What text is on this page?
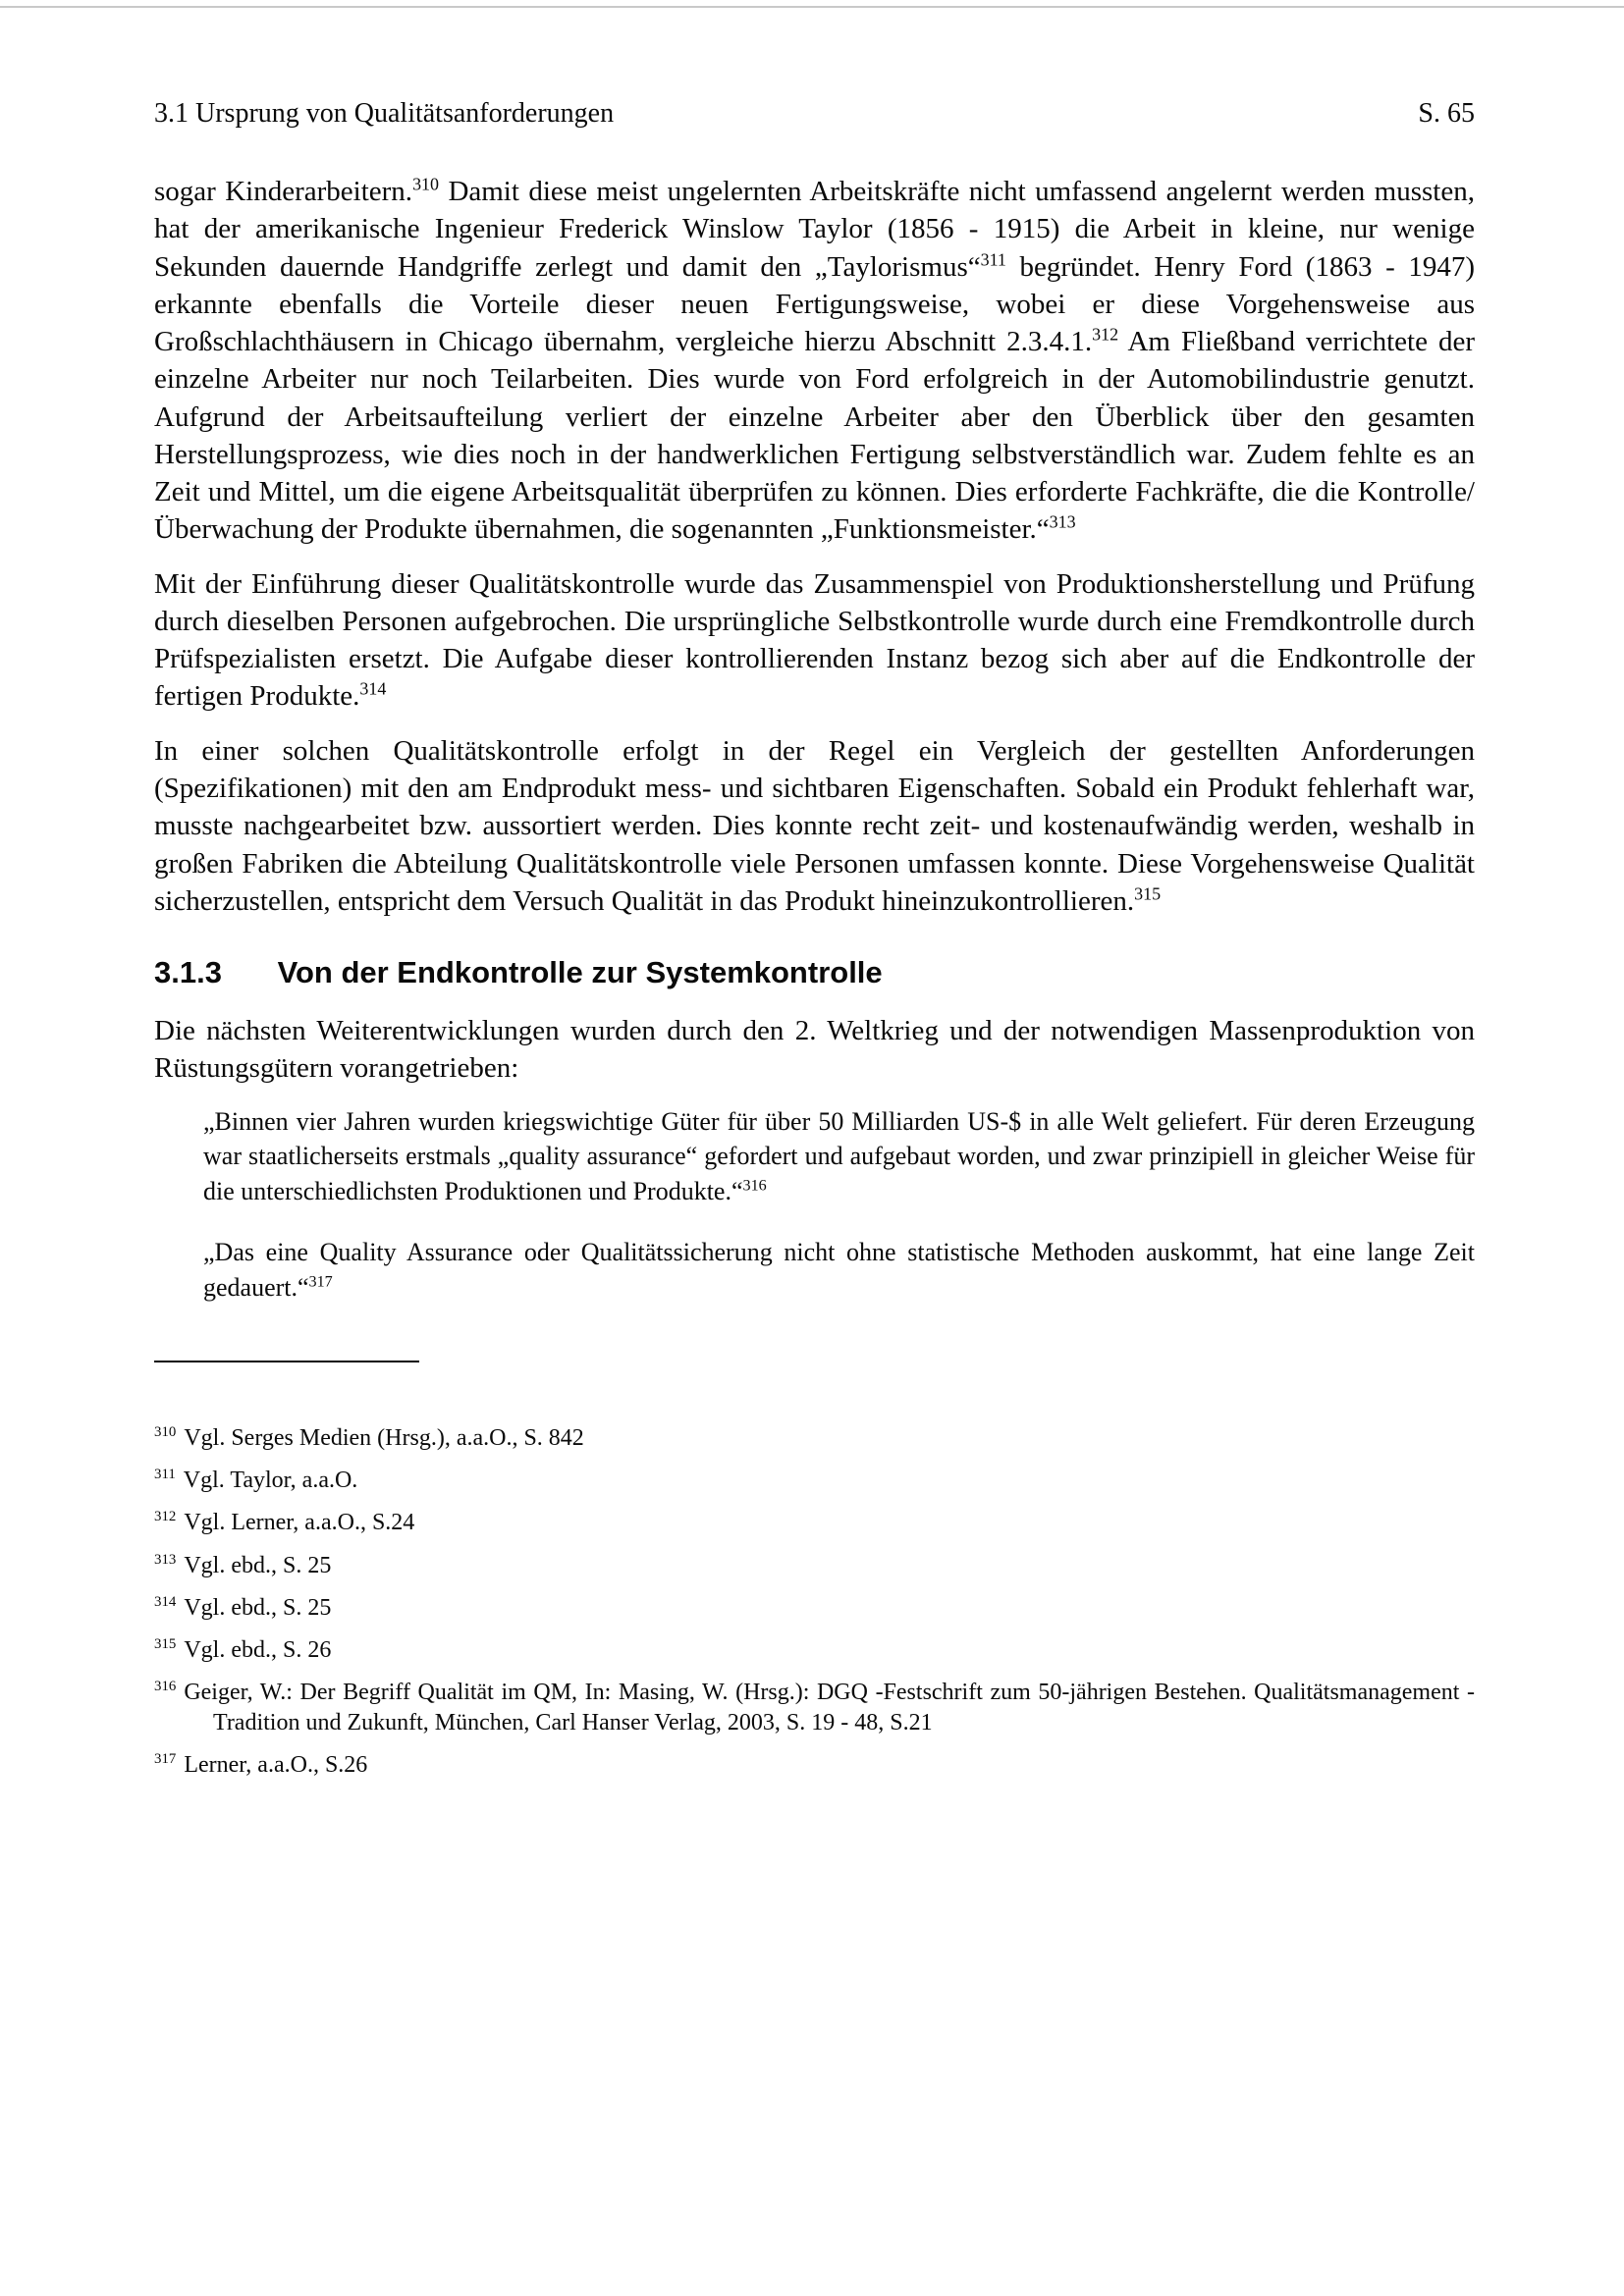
3.1 Ursprung von Qualitätsanforderungen	S. 65

sogar Kinderarbeitern.$^{310}$ Damit diese meist ungelernten Arbeitskräfte nicht umfassend angelernt werden mussten, hat der amerikanische Ingenieur Frederick Winslow Taylor (1856 - 1915) die Arbeit in kleine, nur wenige Sekunden dauernde Handgriffe zerlegt und damit den „Taylorismus“$^{311}$ begründet. Henry Ford (1863 - 1947) erkannte ebenfalls die Vorteile dieser neuen Fertigungsweise, wobei er diese Vorgehensweise aus Großschlachthäusern in Chicago übernahm, vergleiche hierzu Abschnitt 2.3.4.1.$^{312}$ Am Fließband verrichtete der einzelne Arbeiter nur noch Teilarbeiten. Dies wurde von Ford erfolgreich in der Automobilindustrie genutzt. Aufgrund der Arbeitsaufteilung verliert der einzelne Arbeiter aber den Überblick über den gesamten Herstellungsprozess, wie dies noch in der handwerklichen Fertigung selbstverständlich war. Zudem fehlte es an Zeit und Mittel, um die eigene Arbeitsqualität überprüfen zu können. Dies erforderte Fachkräfte, die die Kontrolle/Überwachung der Produkte übernahmen, die sogenannten „Funktionsmeister.“$^{313}$

Mit der Einführung dieser Qualitätskontrolle wurde das Zusammenspiel von Produktionsherstellung und Prüfung durch dieselben Personen aufgebrochen. Die ursprüngliche Selbstkontrolle wurde durch eine Fremdkontrolle durch Prüfspezialisten ersetzt. Die Aufgabe dieser kontrollierenden Instanz bezog sich aber auf die Endkontrolle der fertigen Produkte.$^{314}$

In einer solchen Qualitätskontrolle erfolgt in der Regel ein Vergleich der gestellten Anforderungen (Spezifikationen) mit den am Endprodukt mess- und sichtbaren Eigenschaften. Sobald ein Produkt fehlerhaft war, musste nachgearbeitet bzw. aussortiert werden. Dies konnte recht zeit- und kostenaufwändig werden, weshalb in großen Fabriken die Abteilung Qualitätskontrolle viele Personen umfassen konnte. Diese Vorgehensweise Qualität sicherzustellen, entspricht dem Versuch Qualität in das Produkt hineinzukontrollieren.$^{315}$

3.1.3 Von der Endkontrolle zur Systemkontrolle

Die nächsten Weiterentwicklungen wurden durch den 2. Weltkrieg und der notwendigen Massenproduktion von Rüstungsgütern vorangetrieben:

„Binnen vier Jahren wurden kriegswichtige Güter für über 50 Milliarden US-$ in alle Welt geliefert. Für deren Erzeugung war staatlicherseits erstmals „quality assurance“ gefordert und aufgebaut worden, und zwar prinzipiell in gleicher Weise für die unterschiedlichsten Produktionen und Produkte.“$^{316}$
„Das eine Quality Assurance oder Qualitätssicherung nicht ohne statistische Methoden auskommt, hat eine lange Zeit gedauert.“$^{317}$
$^{310}$ Vgl. Serges Medien (Hrsg.), a.a.O., S. 842
$^{311}$ Vgl. Taylor, a.a.O.
$^{312}$ Vgl. Lerner, a.a.O., S.24
$^{313}$ Vgl. ebd., S. 25
$^{314}$ Vgl. ebd., S. 25
$^{315}$ Vgl. ebd., S. 26
$^{316}$ Geiger, W.: Der Begriff Qualität im QM, In: Masing, W. (Hrsg.): DGQ -Festschrift zum 50-jährigen Bestehen. Qualitätsmanagement - Tradition und Zukunft, München, Carl Hanser Verlag, 2003, S. 19 - 48, S.21
$^{317}$ Lerner, a.a.O., S.26
